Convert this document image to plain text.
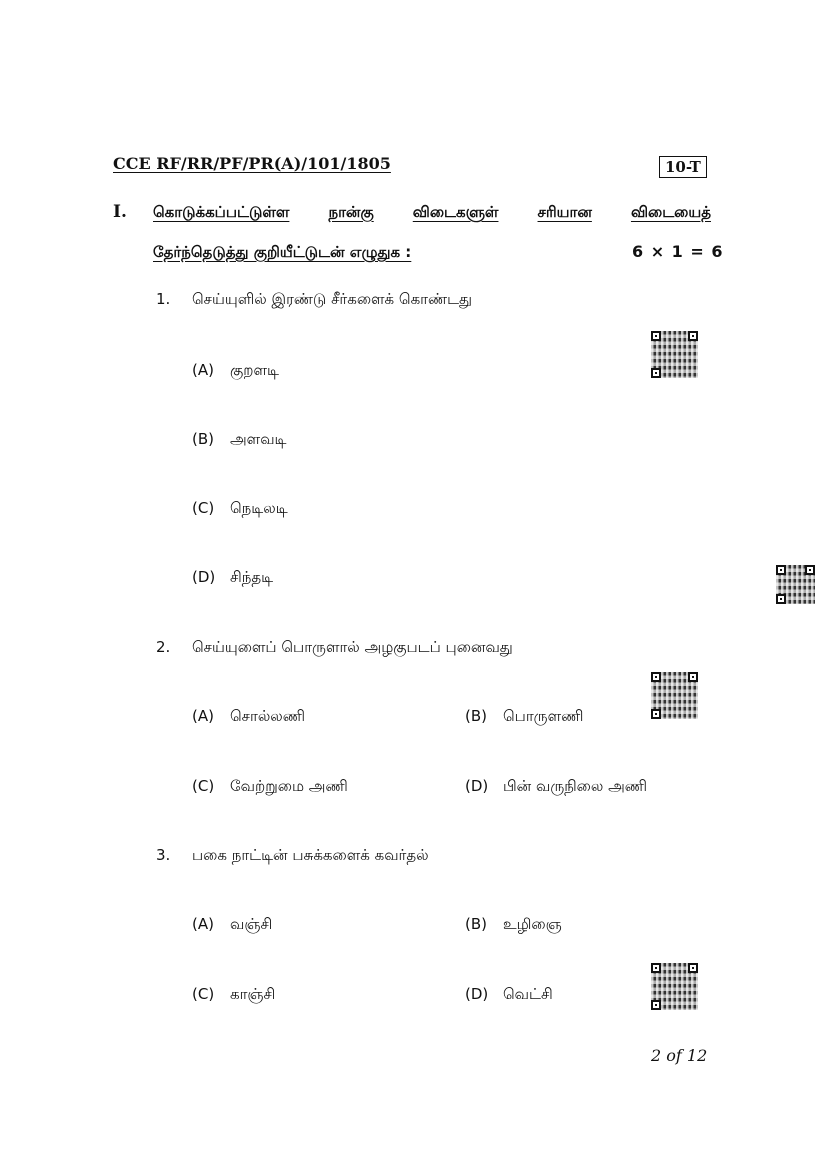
CCE RF/RR/PF/PR(A)/101/1805	10-T
I. கொடுக்கப்பட்டுள்ள	நான்கு	விடைகளுள்	சரியான	விடையைத்
தேர்ந்தெடுத்து குறியீட்டுடன் எழுதுக :	6 × 1 = 6
1. செய்யுளில் இரண்டு சீர்களைக் கொண்டது
(A) குறளடி
(B) அளவடி
(C) நெடிலடி
(D) சிந்தடி
2. செய்யுளைப் பொருளால் அழகுபடப் புனைவது
(A) சொல்லணி	(B) பொருளணி
(C) வேற்றுமை அணி	(D) பின் வருநிலை அணி
3. பகை நாட்டின் பசுக்களைக் கவர்தல்
(A) வஞ்சி	(B) உழிஞை
(C) காஞ்சி	(D) வெட்சி
2 of 12
